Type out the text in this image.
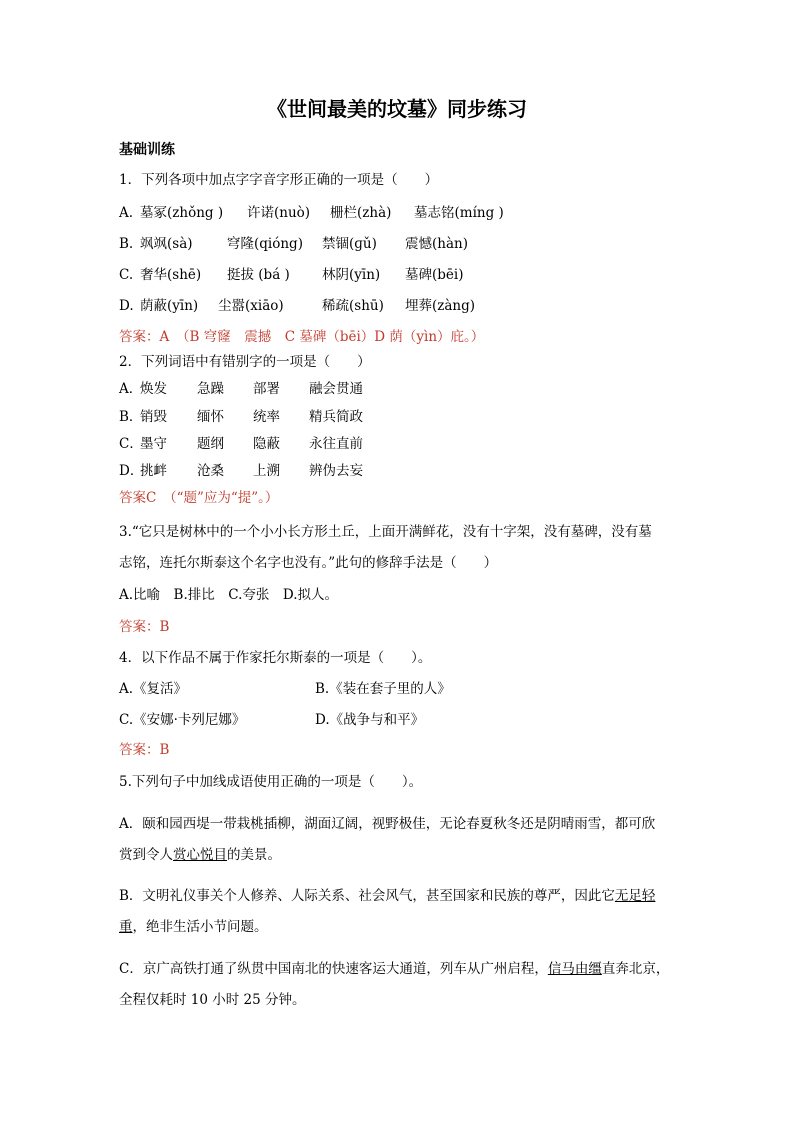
《世间最美的坟墓》同步练习
基础训练
1．下列各项中加点字字音字形正确的一项是（　　）
A. 墓冢(zhǒng ) 许诺(nuò) 栅栏(zhà) 墓志铭(míng )
B. 飒飒(sà)	穹隆(qióng) 禁锢(ɡǔ) 震憾(hàn)
C. 奢华(shē) 挺拔 (bá ) 林阴(yīn) 墓碑(bēi)
D. 荫蔽(yīn) 尘嚣(xiāo)	稀疏(shū) 埋葬(zàng)
答案：A　（B 穹窿　震撼　C 墓碑（bēi）D 荫（yìn）庇。）
2．下列词语中有错别字的一项是（　　）
A．
焕发 急躁 部署 融会贯通
B．
销毁 缅怀 统率 精兵简政
C．
墨守 题纲 隐蔽 永往直前
D．
挑衅 沧桑 上溯 辨伪去妄
答案C　（“题”应为“提”。）
3.“它只是树林中的一个小小长方形土丘，上面开满鲜花，没有十字架，没有墓碑，没有墓
志铭，连托尔斯泰这个名字也没有。”此句的修辞手法是（　　）
A.比喻　B.排比　C.夸张　D.拟人。
答案：B
4．以下作品不属于作家托尔斯泰的一项是（　　）。
A.《复活》	B.《装在套子里的人》
C.《安娜·卡列尼娜》	D.《战争与和平》
答案：B
5.下列句子中加线成语使用正确的一项是（　　）。
A．颐和园西堤一带栽桃插柳，湖面辽阔，视野极佳，无论春夏秋冬还是阴晴雨雪，都可欣
赏到令人赏心悦目的美景。
B．文明礼仪事关个人修养、人际关系、社会风气，甚至国家和民族的尊严，因此它无足轻
重，绝非生活小节问题。
C．京广高铁打通了纵贯中国南北的快速客运大通道，列车从广州启程，信马由缰直奔北京，
全程仅耗时 10 小时 25 分钟。
